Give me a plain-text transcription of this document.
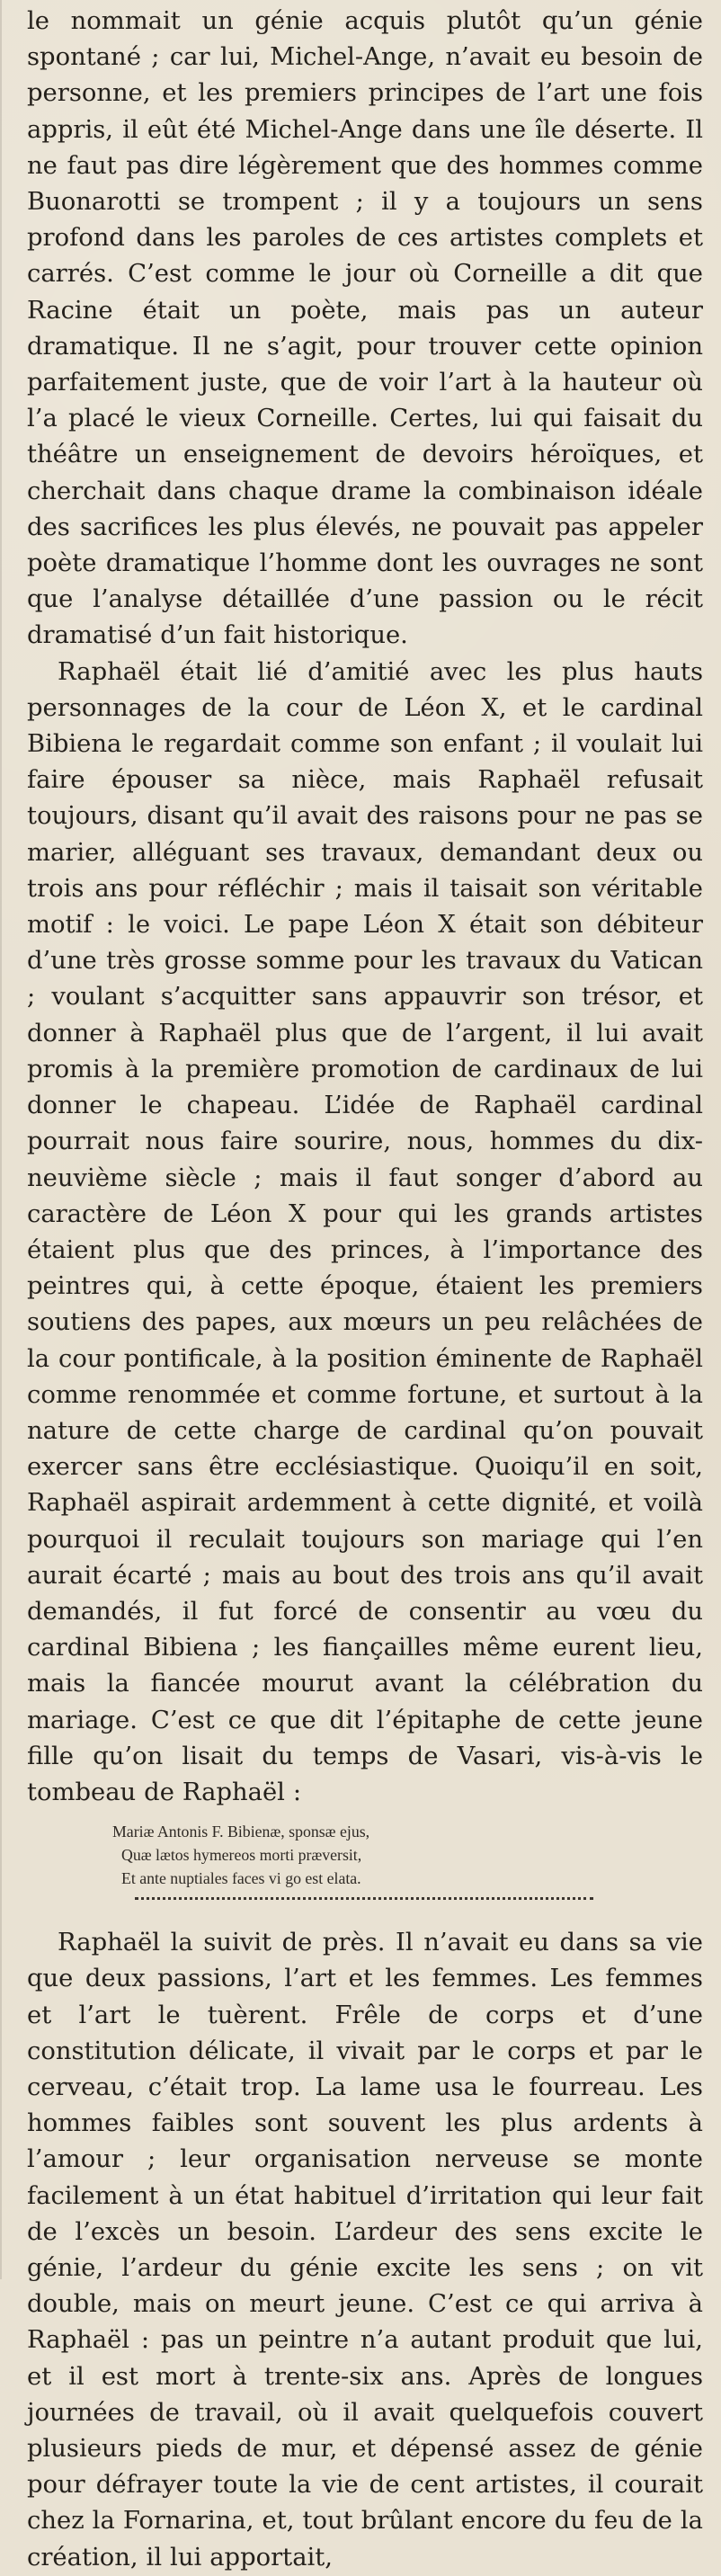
le nommait un génie acquis plutôt qu’un génie spontané ; car lui, Michel-Ange, n’avait eu besoin de personne, et les premiers principes de l’art une fois appris, il eût été Michel-Ange dans une île déserte. Il ne faut pas dire légèrement que des hommes comme Buonarotti se trompent ; il y a toujours un sens profond dans les paroles de ces artistes complets et carrés. C’est comme le jour où Corneille a dit que Racine était un poète, mais pas un auteur dramatique. Il ne s’agit, pour trouver cette opinion parfaitement juste, que de voir l’art à la hauteur où l’a placé le vieux Corneille. Certes, lui qui faisait du théâtre un enseignement de devoirs héroïques, et cherchait dans chaque drame la combinaison idéale des sacrifices les plus élevés, ne pouvait pas appeler poète dramatique l’homme dont les ouvrages ne sont que l’analyse détaillée d’une passion ou le récit dramatisé d’un fait historique.

Raphaël était lié d’amitié avec les plus hauts personnages de la cour de Léon X, et le cardinal Bibiena le regardait comme son enfant ; il voulait lui faire épouser sa nièce, mais Raphaël refusait toujours, disant qu’il avait des raisons pour ne pas se marier, alléguant ses travaux, demandant deux ou trois ans pour réfléchir ; mais il taisait son véritable motif : le voici. Le pape Léon X était son débiteur d’une très grosse somme pour les travaux du Vatican ; voulant s’acquitter sans appauvrir son trésor, et donner à Raphaël plus que de l’argent, il lui avait promis à la première promotion de cardinaux de lui donner le chapeau. L’idée de Raphaël cardinal pourrait nous faire sourire, nous, hommes du dix-neuvième siècle ; mais il faut songer d’abord au caractère de Léon X pour qui les grands artistes étaient plus que des princes, à l’importance des peintres qui, à cette époque, étaient les premiers soutiens des papes, aux mœurs un peu relâchées de la cour pontificale, à la position éminente de Raphaël comme renommée et comme fortune, et surtout à la nature de cette charge de cardinal qu’on pouvait exercer sans être ecclésiastique. Quoiqu’il en soit, Raphaël aspirait ardemment à cette dignité, et voilà pourquoi il reculait toujours son mariage qui l’en aurait écarté ; mais au bout des trois ans qu’il avait demandés, il fut forcé de consentir au vœu du cardinal Bibiena ; les fiançailles même eurent lieu, mais la fiancée mourut avant la célébration du mariage. C’est ce que dit l’épitaphe de cette jeune fille qu’on lisait du temps de Vasari, vis-à-vis le tombeau de Raphaël :

Mariæ Antonis F. Bibienæ, sponsæ ejus,
Quæ lætos hymereos morti præversit,
Et ante nuptiales faces vi go est elata.

Raphaël la suivit de près. Il n’avait eu dans sa vie que deux passions, l’art et les femmes. Les femmes et l’art le tuèrent. Frêle de corps et d’une constitution délicate, il vivait par le corps et par le cerveau, c’était trop. La lame usa le fourreau. Les hommes faibles sont souvent les plus ardents à l’amour ; leur organisation nerveuse se monte facilement à un état habituel d’irritation qui leur fait de l’excès un besoin. L’ardeur des sens excite le génie, l’ardeur du génie excite les sens ; on vit double, mais on meurt jeune. C’est ce qui arriva à Raphaël : pas un peintre n’a autant produit que lui, et il est mort à trente-six ans. Après de longues journées de travail, où il avait quelquefois couvert plusieurs pieds de mur, et dépensé assez de génie pour défrayer toute la vie de cent artistes, il courait chez la Fornarina, et, tout brûlant encore du feu de la création, il lui apportait,
